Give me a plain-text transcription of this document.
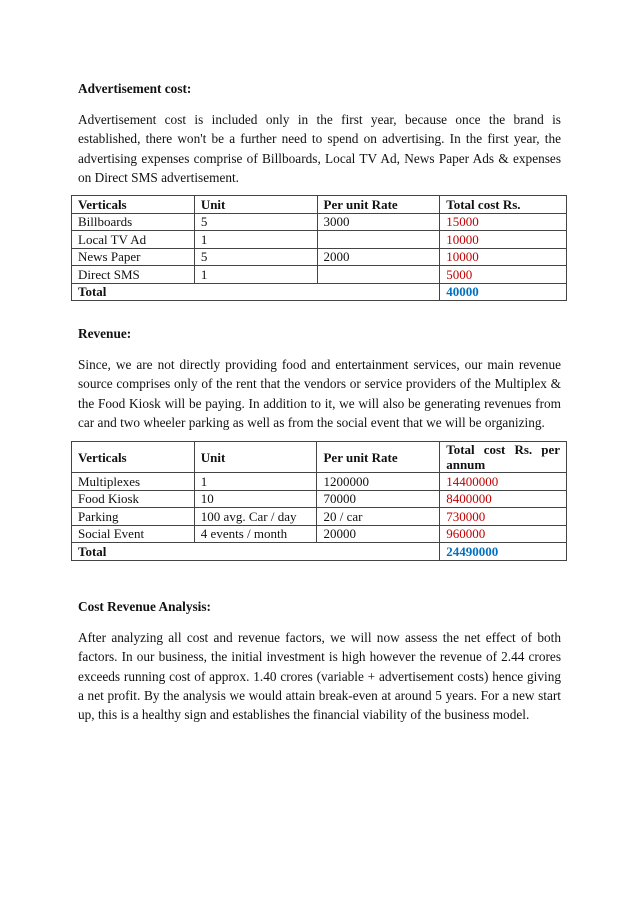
Advertisement cost:
Advertisement cost is included only in the first year, because once the brand is established, there won't be a further need to spend on advertising. In the first year, the advertising expenses comprise of Billboards, Local TV Ad, News Paper Ads & expenses on Direct SMS advertisement.
Verticals	Unit	Per unit Rate	Total cost Rs.
Billboards	5	3000	15000
Local TV Ad	1		10000
News Paper	5	2000	10000
Direct SMS	1		5000
Total			40000
Revenue:
Since, we are not directly providing food and entertainment services, our main revenue source comprises only of the rent that the vendors or service providers of the Multiplex & the Food Kiosk will be paying. In addition to it, we will also be generating revenues from car and two wheeler parking as well as from the social event that we will be organizing.
Verticals	Unit	Per unit Rate	Total cost Rs. per annum
Multiplexes	1	1200000	14400000
Food Kiosk	10	70000	8400000
Parking	100 avg. Car / day	20 / car	730000
Social Event	4 events / month	20000	960000
Total			24490000
Cost Revenue Analysis:
After analyzing all cost and revenue factors, we will now assess the net effect of both factors. In our business, the initial investment is high however the revenue of 2.44 crores exceeds running cost of approx. 1.40 crores (variable + advertisement costs) hence giving a net profit. By the analysis we would attain break-even at around 5 years. For a new start up, this is a healthy sign and establishes the financial viability of the business model.
